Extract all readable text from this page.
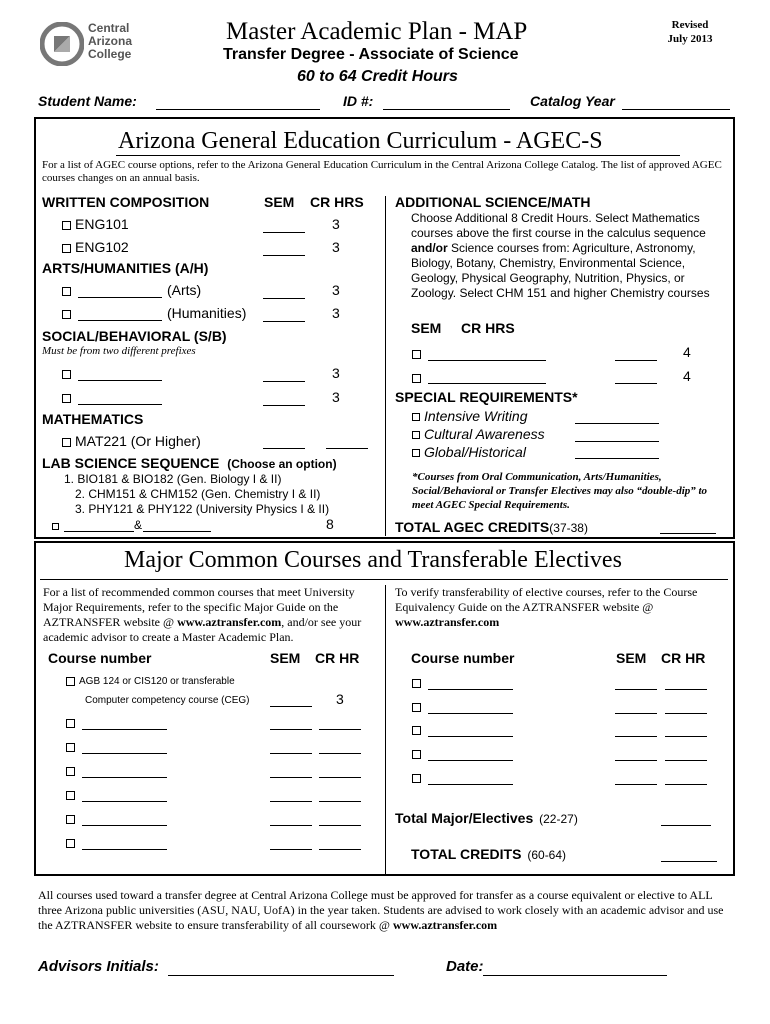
Central
Arizona
College
Master Academic Plan - MAP
Transfer Degree - Associate of Science
60 to 64 Credit Hours
Revised
July 2013
Student Name:	ID #:	Catalog Year
Arizona General Education Curriculum - AGEC-S
For a list of AGEC course options, refer to the Arizona General Education Curriculum in the Central Arizona College Catalog. The list of approved AGEC courses changes on an annual basis.
WRITTEN COMPOSITION	SEM CR HRS
ENG101	3
ENG102	3
ARTS/HUMANITIES (A/H)
(Arts)	3
(Humanities)	3
SOCIAL/BEHAVIORAL (S/B)
Must be from two different prefixes
3
3
MATHEMATICS
MAT221 (Or Higher)
LAB SCIENCE SEQUENCE (Choose an option)
1. BIO181 & BIO182 (Gen. Biology I & II)
2. CHM151 & CHM152 (Gen. Chemistry I & II)
3. PHY121 & PHY122 (University Physics I & II)
&	8
ADDITIONAL SCIENCE/MATH
Choose Additional 8 Credit Hours. Select Mathematics courses above the first course in the calculus sequence and/or Science courses from: Agriculture, Astronomy, Biology, Botany, Chemistry, Environmental Science, Geology, Physical Geography, Nutrition, Physics, or Zoology. Select CHM 151 and higher Chemistry courses
SEM CR HRS
4
4
SPECIAL REQUIREMENTS*
Intensive Writing
Cultural Awareness
Global/Historical
*Courses from Oral Communication, Arts/Humanities, Social/Behavioral or Transfer Electives may also “double-dip” to meet AGEC Special Requirements.
TOTAL AGEC CREDITS(37-38)
Major Common Courses and Transferable Electives
For a list of recommended common courses that meet University Major Requirements, refer to the specific Major Guide on the AZTRANSFER website @ www.aztransfer.com, and/or see your academic advisor to create a Master Academic Plan.
To verify transferability of elective courses, refer to the Course Equivalency Guide on the AZTRANSFER website @ www.aztransfer.com
Course number	SEM CR HR
AGB 124 or CIS120 or transferable
Computer competency course (CEG)	3
Course number	SEM CR HR
Total Major/Electives (22-27)
TOTAL CREDITS (60-64)
All courses used toward a transfer degree at Central Arizona College must be approved for transfer as a course equivalent or elective to ALL three Arizona public universities (ASU, NAU, UofA) in the year taken. Students are advised to work closely with an academic advisor and use the AZTRANSFER website to ensure transferability of all coursework @ www.aztransfer.com
Advisors Initials:	Date:
